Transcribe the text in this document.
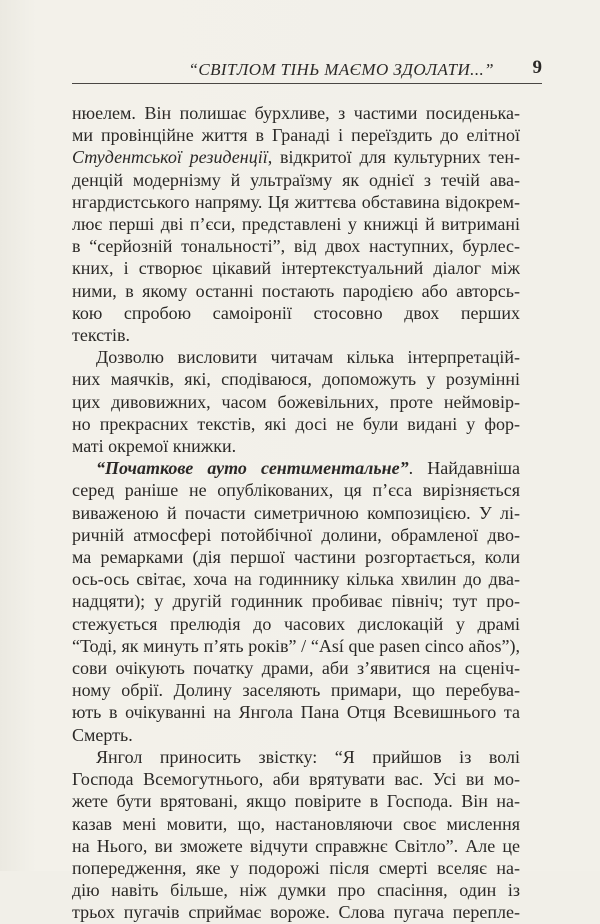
“СВІТЛОМ ТІНЬ МАЄМО ЗДОЛАТИ...” 9

нюелем. Він полишає бурхливе, з частими посиденька-
ми провінційне життя в Гранаді і переїздить до елітної
Студентської резиденції, відкритої для культурних тен-
денцій модернізму й ультраїзму як однієї з течій ава-
нгардистського напряму. Ця життєва обставина відокрем-
лює перші дві п’єси, представлені у книжці й витримані
в “серйозній тональності”, від двох наступних, бурлес-
кних, і створює цікавий інтертекстуальний діалог між
ними, в якому останні постають пародією або авторсь-
кою спробою самоіронії стосовно двох перших
текстів.

Дозволю висловити читачам кілька інтерпретацій-
них маячків, які, сподіваюся, допоможуть у розумінні
цих дивовижних, часом божевільних, проте неймовір-
но прекрасних текстів, які досі не були видані у фор-
маті окремої книжки.

“Початкове ауто сентиментальне”. Найдавніша
серед раніше не опублікованих, ця п’єса вирізняється
виваженою й почасти симетричною композицією. У лі-
ричній атмосфері потойбічної долини, обрамленої дво-
ма ремарками (дія першої частини розгортається, коли
ось-ось світає, хоча на годиннику кілька хвилин до два-
надцяти); у другій годинник пробиває північ; тут про-
стежується прелюдія до часових дислокацій у драмі
“Тоді, як минуть п’ять років” / “Así que pasen cinco años”),
сови очікують початку драми, аби з’явитися на сценіч-
ному обрії. Долину заселяють примари, що перебува-
ють в очікуванні на Янгола Пана Отця Всевишнього та
Смерть.

Янгол приносить звістку: “Я прийшов із волі
Господа Всемогутнього, аби врятувати вас. Усі ви мо-
жете бути врятовані, якщо повірите в Господа. Він на-
казав мені мовити, що, настановляючи своє мислення
на Нього, ви зможете відчути справжнє Світло”. Але це
попередження, яке у подорожі після смерті вселяє на-
дію навіть більше, ніж думки про спасіння, один із
трьох пугачів сприймає вороже. Слова пугача переплe-
